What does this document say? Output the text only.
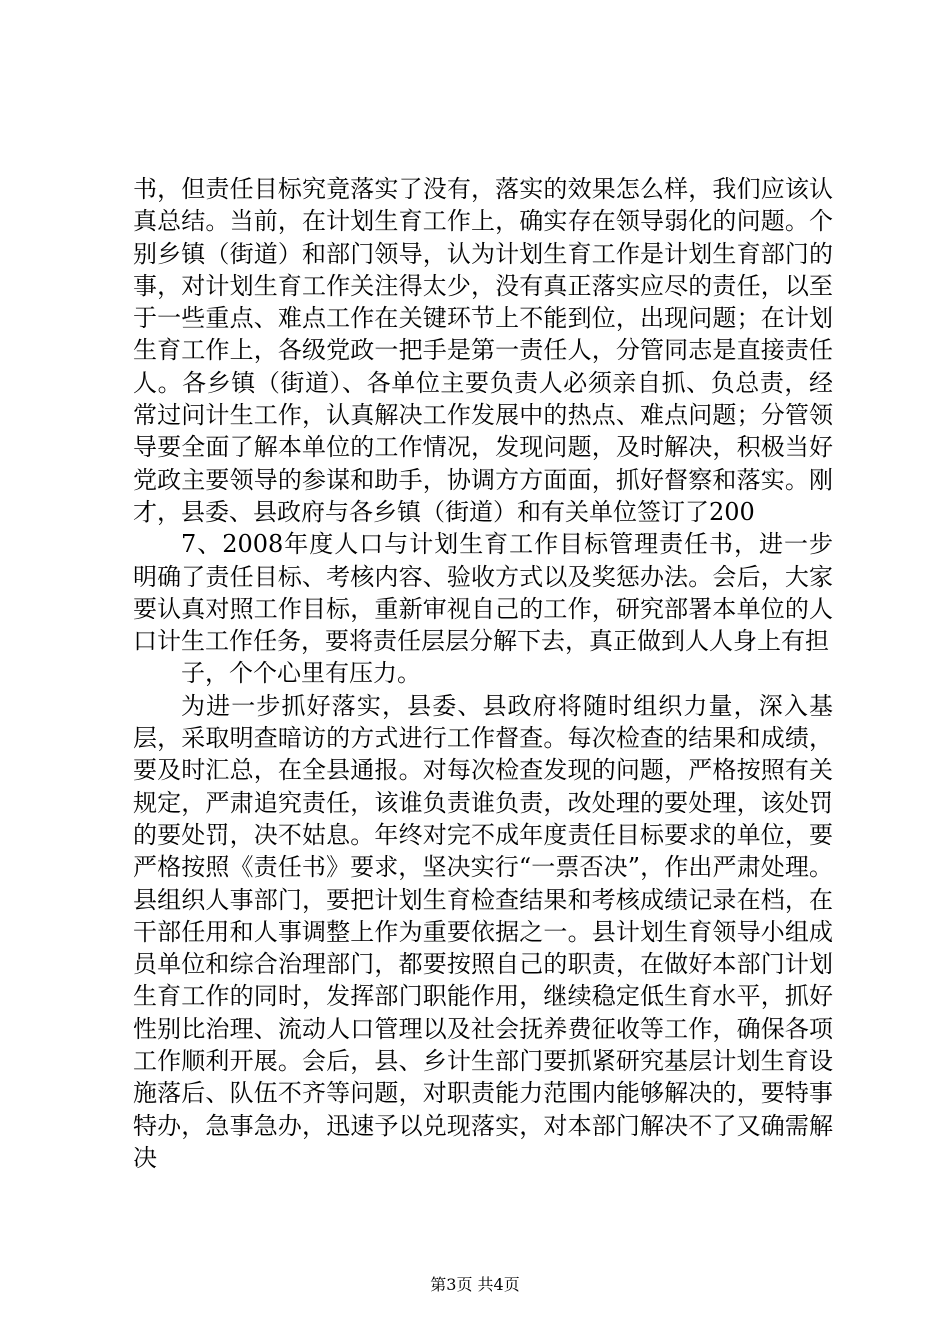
书，但责任目标究竟落实了没有，落实的效果怎么样，我们应该认真总结。当前，在计划生育工作上，确实存在领导弱化的问题。个别乡镇（街道）和部门领导，认为计划生育工作是计划生育部门的事，对计划生育工作关注得太少，没有真正落实应尽的责任，以至于一些重点、难点工作在关键环节上不能到位，出现问题；在计划生育工作上，各级党政一把手是第一责任人，分管同志是直接责任人。各乡镇（街道）、各单位主要负责人必须亲自抓、负总责，经常过问计生工作，认真解决工作发展中的热点、难点问题；分管领导要全面了解本单位的工作情况，发现问题，及时解决，积极当好党政主要领导的参谋和助手，协调方方面面，抓好督察和落实。刚才，县委、县政府与各乡镇（街道）和有关单位签订了200

7、2008年度人口与计划生育工作目标管理责任书，进一步明确了责任目标、考核内容、验收方式以及奖惩办法。会后，大家要认真对照工作目标，重新审视自己的工作，研究部署本单位的人口计生工作任务，要将责任层层分解下去，真正做到人人身上有担

子，个个心里有压力。

为进一步抓好落实，县委、县政府将随时组织力量，深入基层，采取明查暗访的方式进行工作督查。每次检查的结果和成绩，要及时汇总，在全县通报。对每次检查发现的问题，严格按照有关规定，严肃追究责任，该谁负责谁负责，改处理的要处理，该处罚的要处罚，决不姑息。年终对完不成年度责任目标要求的单位，要严格按照《责任书》要求，坚决实行“一票否决”，作出严肃处理。县组织人事部门，要把计划生育检查结果和考核成绩记录在档，在干部任用和人事调整上作为重要依据之一。县计划生育领导小组成员单位和综合治理部门，都要按照自己的职责，在做好本部门计划生育工作的同时，发挥部门职能作用，继续稳定低生育水平，抓好性别比治理、流动人口管理以及社会抚养费征收等工作，确保各项工作顺利开展。会后，县、乡计生部门要抓紧研究基层计划生育设施落后、队伍不齐等问题，对职责能力范围内能够解决的，要特事特办，急事急办，迅速予以兑现落实，对本部门解决不了又确需解决

第3页 共4页
